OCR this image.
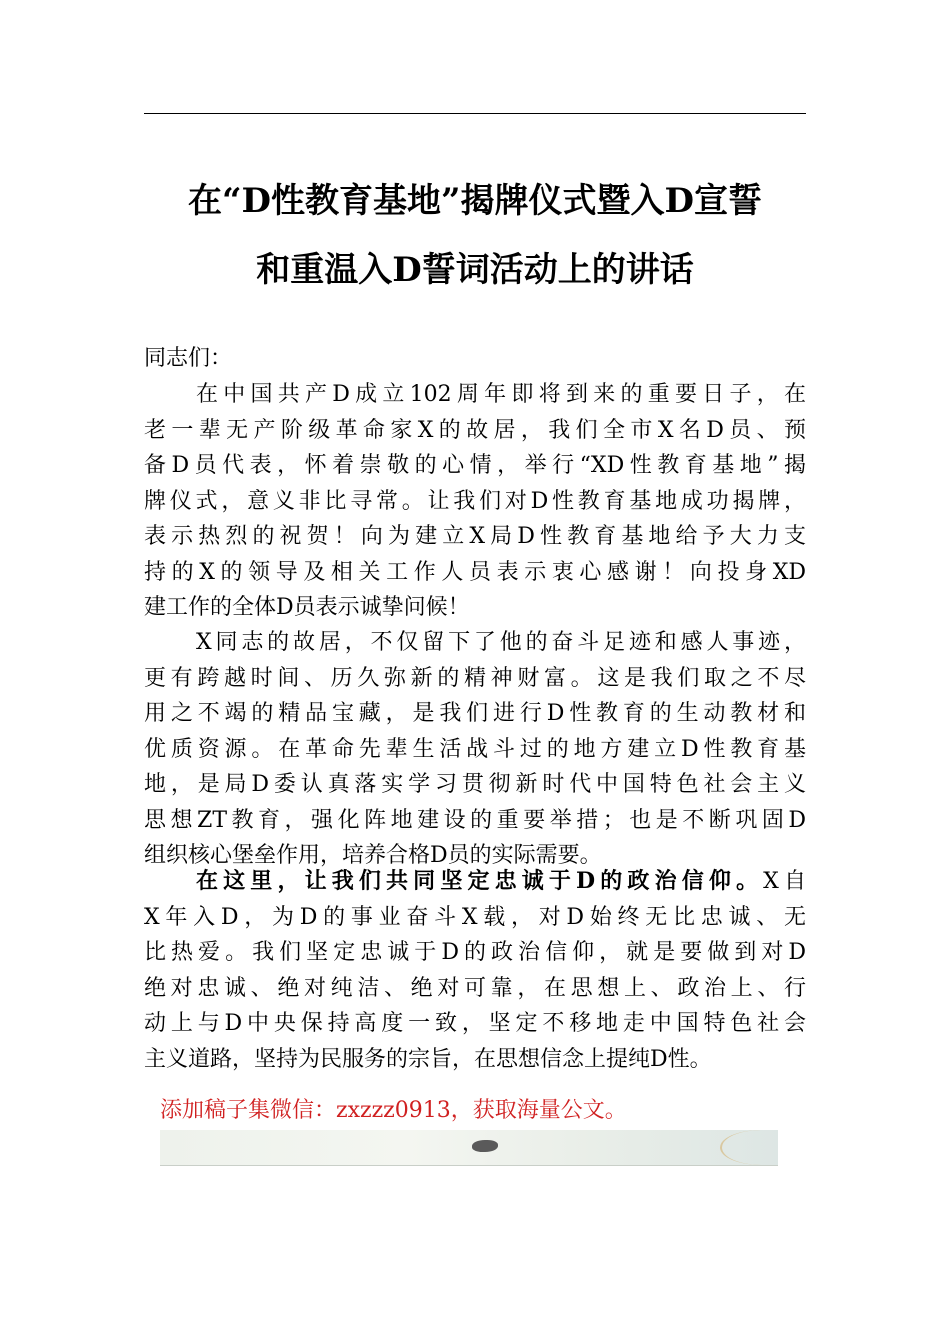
在“D性教育基地”揭牌仪式暨入D宣誓
和重温入D誓词活动上的讲话
同志们：
在中国共产D成立102周年即将到来的重要日子，在
老一辈无产阶级革命家X的故居，我们全市X名D员、预
备D员代表，怀着崇敬的心情，举行“XD性教育基地”揭
牌仪式，意义非比寻常。让我们对D性教育基地成功揭牌，
表示热烈的祝贺！向为建立X局D性教育基地给予大力支
持的X的领导及相关工作人员表示衷心感谢！向投身XD
建工作的全体D员表示诚挚问候！
X同志的故居，不仅留下了他的奋斗足迹和感人事迹，
更有跨越时间、历久弥新的精神财富。这是我们取之不尽
用之不竭的精品宝藏，是我们进行D性教育的生动教材和
优质资源。在革命先辈生活战斗过的地方建立D性教育基
地，是局D委认真落实学习贯彻新时代中国特色社会主义
思想ZT教育，强化阵地建设的重要举措；也是不断巩固D
组织核心堡垒作用，培养合格D员的实际需要。
在这里，让我们共同坚定忠诚于D的政治信仰。X自
X年入D，为D的事业奋斗X载，对D始终无比忠诚、无
比热爱。我们坚定忠诚于D的政治信仰，就是要做到对D
绝对忠诚、绝对纯洁、绝对可靠，在思想上、政治上、行
动上与D中央保持高度一致，坚定不移地走中国特色社会
主义道路，坚持为民服务的宗旨，在思想信念上提纯D性。
添加稿子集微信：zxzzz0913，获取海量公文。
